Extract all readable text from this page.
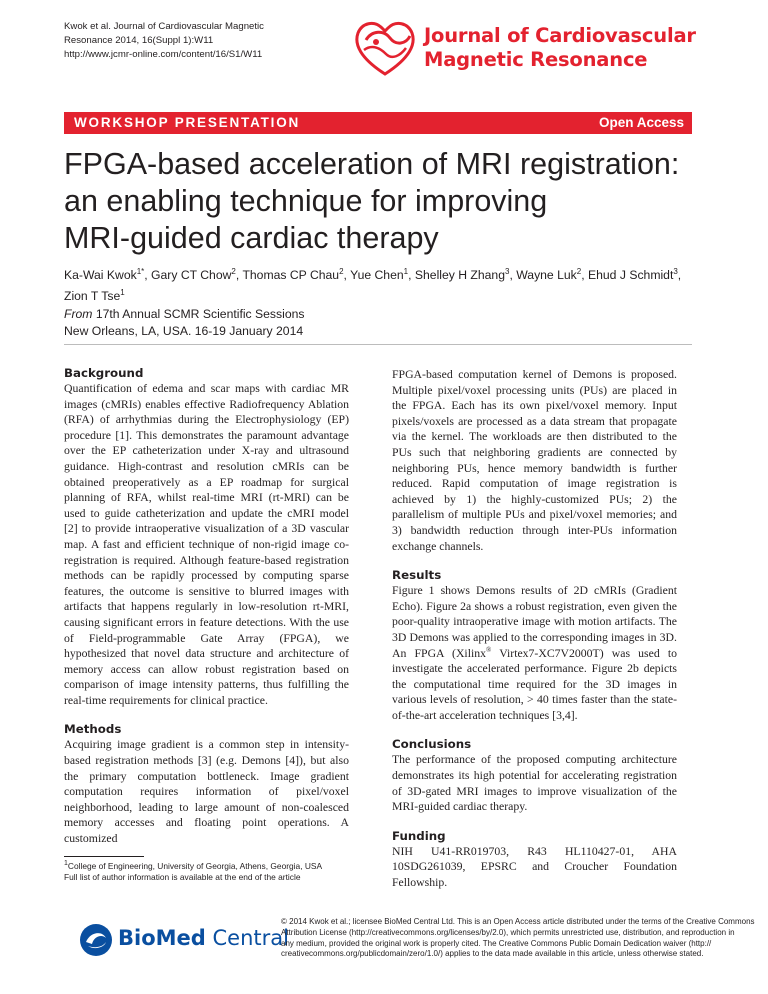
Kwok et al. Journal of Cardiovascular Magnetic
Resonance 2014, 16(Suppl 1):W11
http://www.jcmr-online.com/content/16/S1/W11
Journal of Cardiovascular
Magnetic Resonance
WORKSHOP PRESENTATION	Open Access
FPGA-based acceleration of MRI registration:
an enabling technique for improving
MRI-guided cardiac therapy
Ka-Wai Kwok$^{1*}$, Gary CT Chow$^2$, Thomas CP Chau$^2$, Yue Chen$^1$, Shelley H Zhang$^3$, Wayne Luk$^2$, Ehud J Schmidt$^3$, Zion T Tse$^1$
From 17th Annual SCMR Scientific Sessions
New Orleans, LA, USA. 16-19 January 2014
Background

Quantification of edema and scar maps with cardiac MR images (cMRIs) enables effective Radiofrequency Ablation (RFA) of arrhythmias during the Electrophysiology (EP) procedure [1]. This demonstrates the paramount advantage over the EP catheterization under X-ray and ultrasound guidance. High-contrast and resolution cMRIs can be obtained preoperatively as a EP roadmap for surgical planning of RFA, whilst real-time MRI (rt-MRI) can be used to guide catheterization and update the cMRI model [2] to provide intraoperative visualization of a 3D vascular map. A fast and efficient technique of non-rigid image co-registration is required. Although feature-based registration methods can be rapidly processed by computing sparse features, the outcome is sensitive to blurred images with artifacts that happens regularly in low-resolution rt-MRI, causing significant errors in feature detections. With the use of Field-programmable Gate Array (FPGA), we hypothesized that novel data structure and architecture of memory access can allow robust registration based on comparison of image intensity patterns, thus fulfilling the real-time requirements for clinical practice.

Methods

Acquiring image gradient is a common step in intensity-based registration methods [3] (e.g. Demons [4]), but also the primary computation bottleneck. Image gradient computation requires information of pixel/voxel neighborhood, leading to large amount of non-coalesced memory accesses and floating point operations. A customized

FPGA-based computation kernel of Demons is proposed. Multiple pixel/voxel processing units (PUs) are placed in the FPGA. Each has its own pixel/voxel memory. Input pixels/voxels are processed as a data stream that propagate via the kernel. The workloads are then distributed to the PUs such that neighboring gradients are connected by neighboring PUs, hence memory bandwidth is further reduced. Rapid computation of image registration is achieved by 1) the highly-customized PUs; 2) the parallelism of multiple PUs and pixel/voxel memories; and 3) bandwidth reduction through inter-PUs information exchange channels.

Results

Figure 1 shows Demons results of 2D cMRIs (Gradient Echo). Figure 2a shows a robust registration, even given the poor-quality intraoperative image with motion artifacts. The 3D Demons was applied to the corresponding images in 3D. An FPGA (Xilinx® Virtex7-XC7V2000T) was used to investigate the accelerated performance. Figure 2b depicts the computational time required for the 3D images in various levels of resolution, > 40 times faster than the state-of-the-art acceleration techniques [3,4].

Conclusions

The performance of the proposed computing architecture demonstrates its high potential for accelerating registration of 3D-gated MRI images to improve visualization of the MRI-guided cardiac therapy.

Funding

NIH U41-RR019703, R43 HL110427-01, AHA 10SDG261039, EPSRC and Croucher Foundation Fellowship.

$^1$College of Engineering, University of Georgia, Athens, Georgia, USA
Full list of author information is available at the end of the article
BioMed Central
© 2014 Kwok et al.; licensee BioMed Central Ltd. This is an Open Access article distributed under the terms of the Creative Commons
Attribution License (http://creativecommons.org/licenses/by/2.0), which permits unrestricted use, distribution, and reproduction in
any medium, provided the original work is properly cited. The Creative Commons Public Domain Dedication waiver (http://
creativecommons.org/publicdomain/zero/1.0/) applies to the data made available in this article, unless otherwise stated.
